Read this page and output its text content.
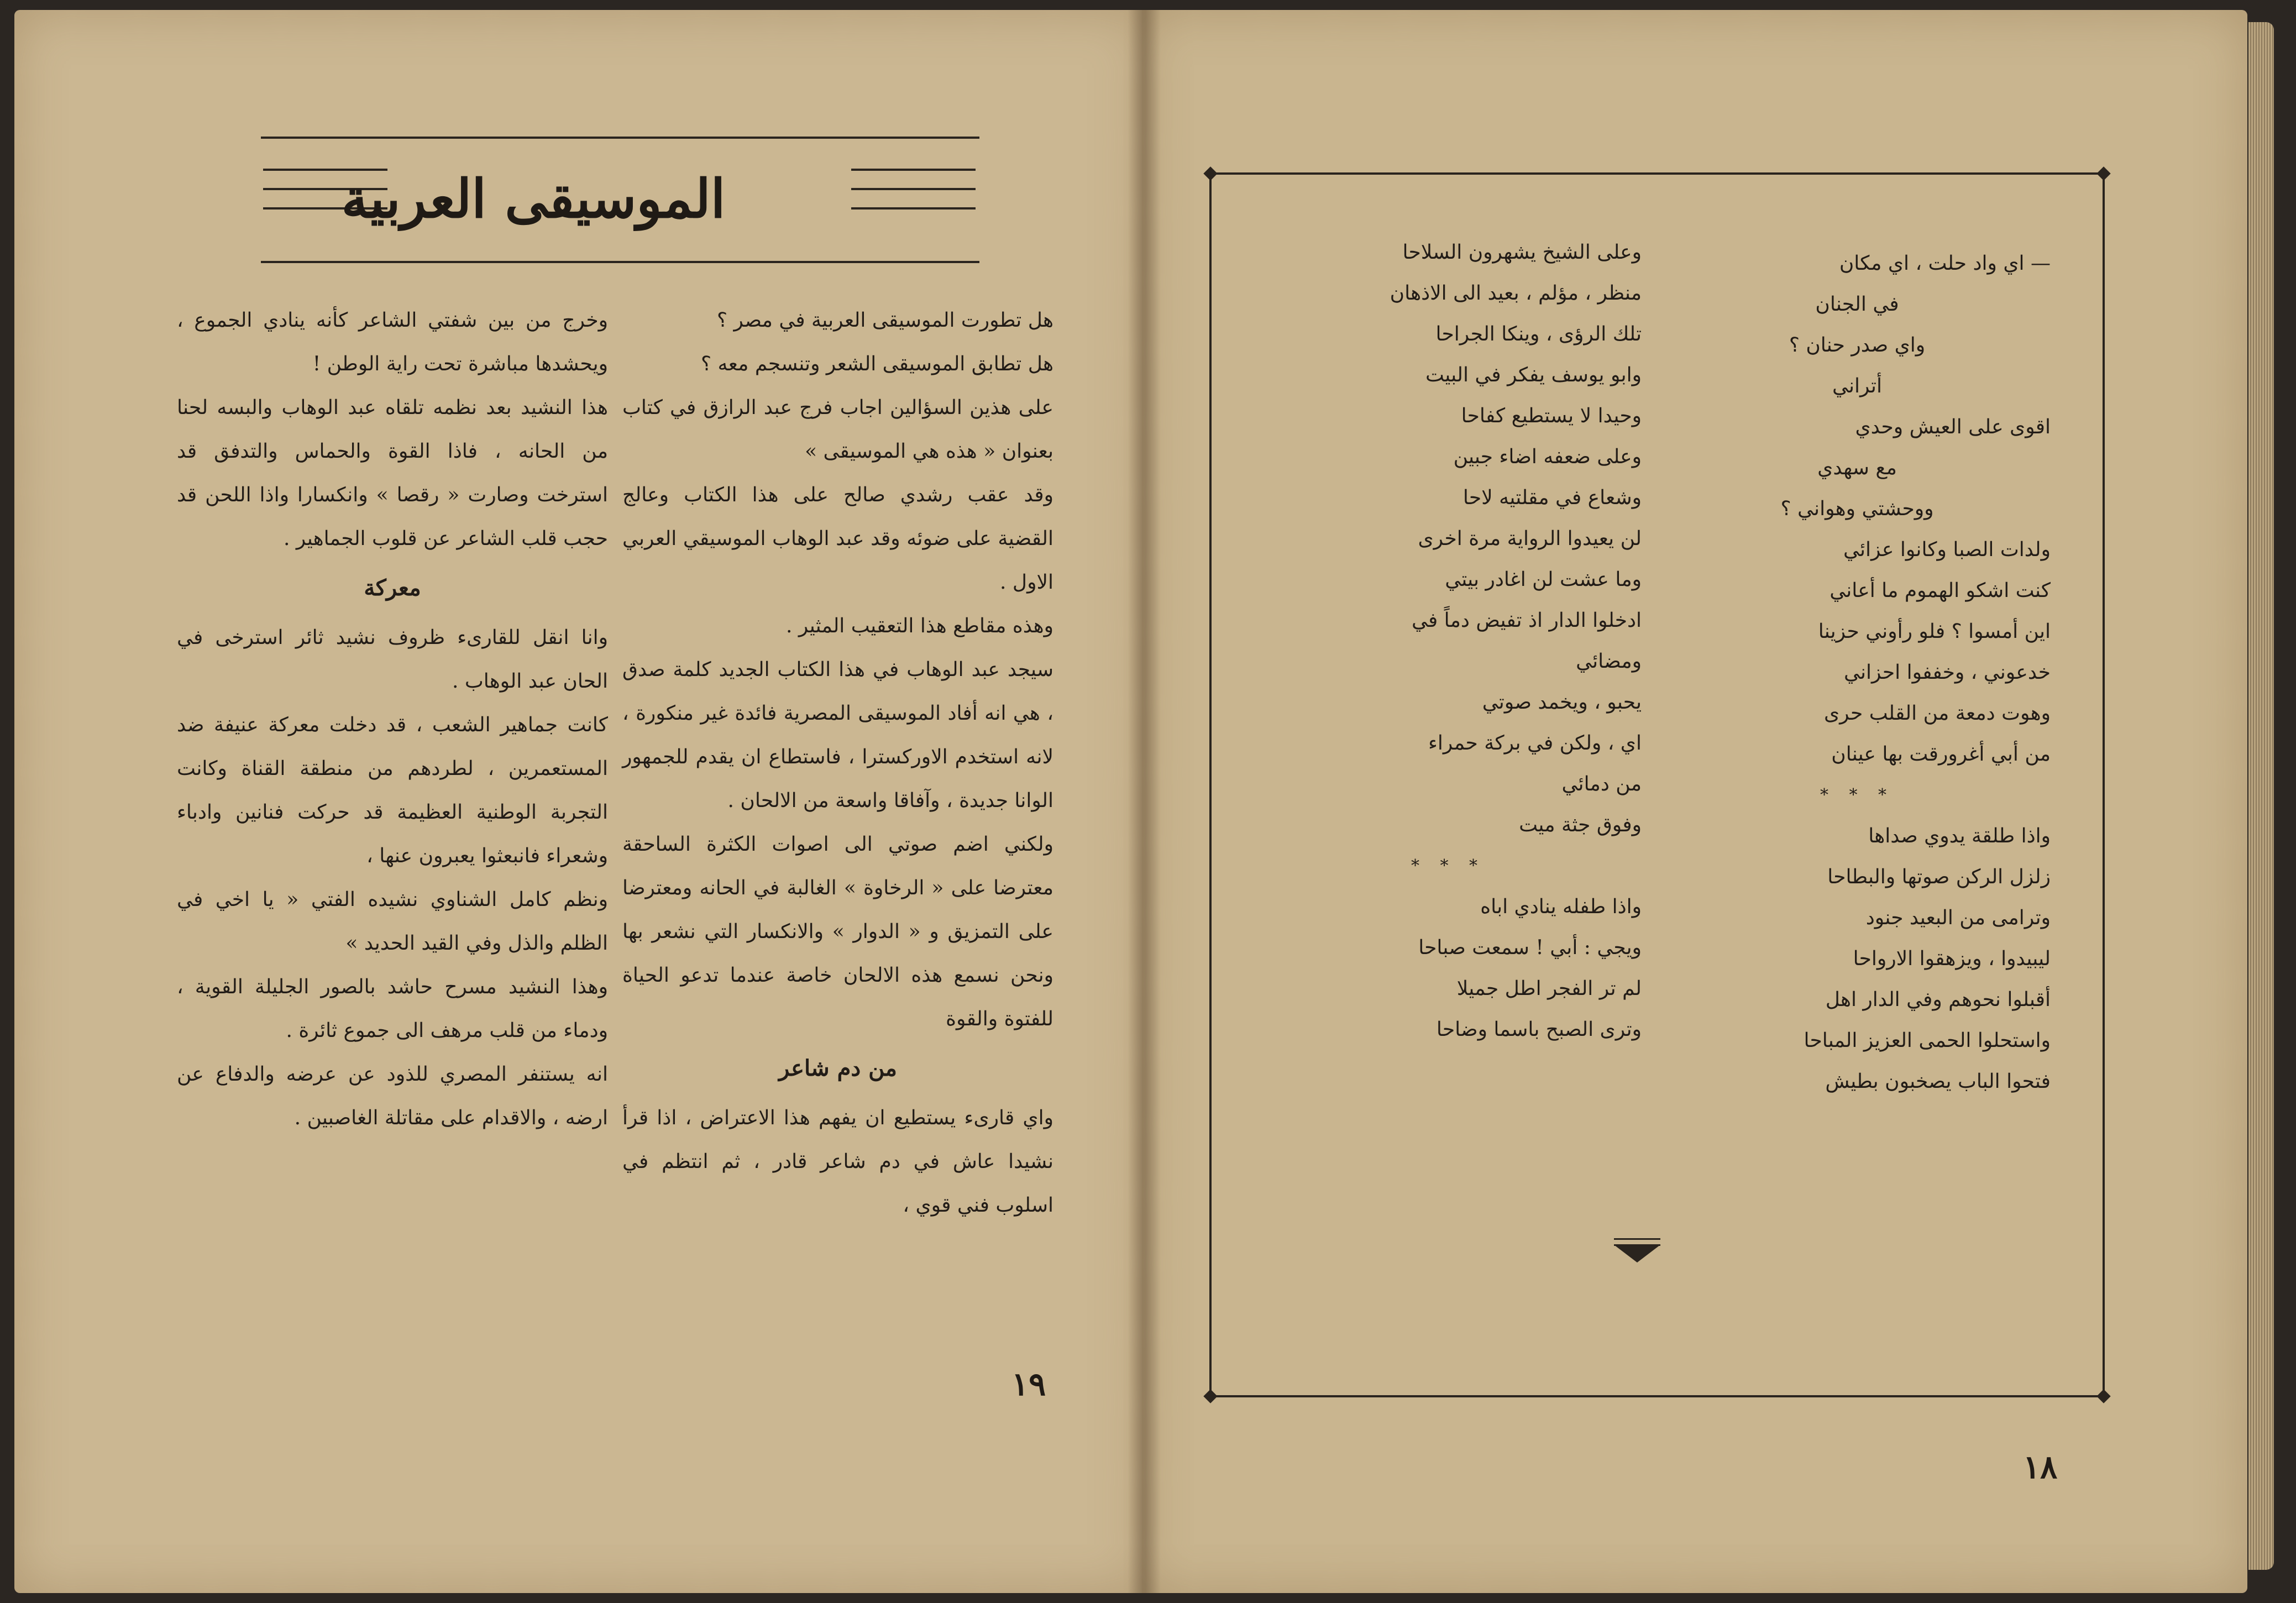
الموسيقى العربية

هل تطورت الموسيقى العربية في مصر ؟

هل تطابق الموسيقى الشعر وتنسجم معه ؟

على هذين السؤالين اجاب فرج عبد الرازق في كتاب بعنوان « هذه هي الموسيقى »

وقد عقب رشدي صالح على هذا الكتاب وعالج القضية على ضوئه وقد عبد الوهاب الموسيقي العربي الاول .

وهذه مقاطع هذا التعقيب المثير .

سيجد عبد الوهاب في هذا الكتاب الجديد كلمة صدق ، هي انه أفاد الموسيقى المصرية فائدة غير منكورة ، لانه استخدم الاوركسترا ، فاستطاع ان يقدم للجمهور الوانا جديدة ، وآفاقا واسعة من الالحان .

ولكني اضم صوتي الى اصوات الكثرة الساحقة معترضا على « الرخاوة » الغالبة في الحانه ومعترضا على التمزيق و « الدوار » والانكسار التي نشعر بها ونحن نسمع هذه الالحان خاصة عندما تدعو الحياة للفتوة والقوة

من دم شاعر

واي قارىء يستطيع ان يفهم هذا الاعتراض ، اذا قرأ نشيدا عاش في دم شاعر قادر ، ثم انتظم في اسلوب فني قوي ،

وخرج من بين شفتي الشاعر كأنه ينادي الجموع ، ويحشدها مباشرة تحت راية الوطن !

هذا النشيد بعد نظمه تلقاه عبد الوهاب والبسه لحنا من الحانه ، فاذا القوة والحماس والتدفق قد استرخت وصارت « رقصا » وانكسارا واذا اللحن قد حجب قلب الشاعر عن قلوب الجماهير .

معركة

وانا انقل للقارىء ظروف نشيد ثائر استرخى في الحان عبد الوهاب .

كانت جماهير الشعب ، قد دخلت معركة عنيفة ضد المستعمرين ، لطردهم من منطقة القناة وكانت التجربة الوطنية العظيمة قد حركت فنانين وادباء وشعراء فانبعثوا يعبرون عنها ،

ونظم كامل الشناوي نشيده الفتي « يا اخي في الظلم والذل وفي القيد الحديد »

وهذا النشيد مسرح حاشد بالصور الجليلة القوية ، ودماء من قلب مرهف الى جموع ثائرة .

انه يستنفر المصري للذود عن عرضه والدفاع عن ارضه ، والاقدام على مقاتلة الغاصبين .

١٩

— اي واد حلت ، اي مكان

في الجنان

واي صدر حنان ؟

أتراني

اقوى على العيش وحدي

مع سهدي

ووحشتي وهواني ؟

ولدات الصبا وكانوا عزائي

كنت اشكو الهموم ما أعاني

اين أمسوا ؟ فلو رأوني حزينا

خدعوني ، وخففوا احزاني

وهوت دمعة من القلب حرى

من أبي أغرورقت بها عينان

* * *

واذا طلقة يدوي صداها

زلزل الركن صوتها والبطاحا

وترامى من البعيد جنود

ليبيدوا ، ويزهقوا الارواحا

أقبلوا نحوهم وفي الدار اهل

واستحلوا الحمى العزيز المباحا

فتحوا الباب يصخبون بطيش

وعلى الشيخ يشهرون السلاحا

منظر ، مؤلم ، بعيد الى الاذهان

تلك الرؤى ، وينكا الجراحا

وابو يوسف يفكر في البيت

وحيدا لا يستطيع كفاحا

وعلى ضعفه اضاء جبين

وشعاع في مقلتيه لاحا

لن يعيدوا الرواية مرة اخرى

وما عشت لن اغادر بيتي

ادخلوا الدار اذ تفيض دماً في

ومضائي

يحبو ، ويخمد صوتي

اي ، ولكن في بركة حمراء

من دمائي

وفوق جثة ميت

* * *

واذا طفله ينادي اباه

ويجي : أبي ! سمعت صباحا

لم تر الفجر اطل جميلا

وترى الصبح باسما وضاحا

١٨
